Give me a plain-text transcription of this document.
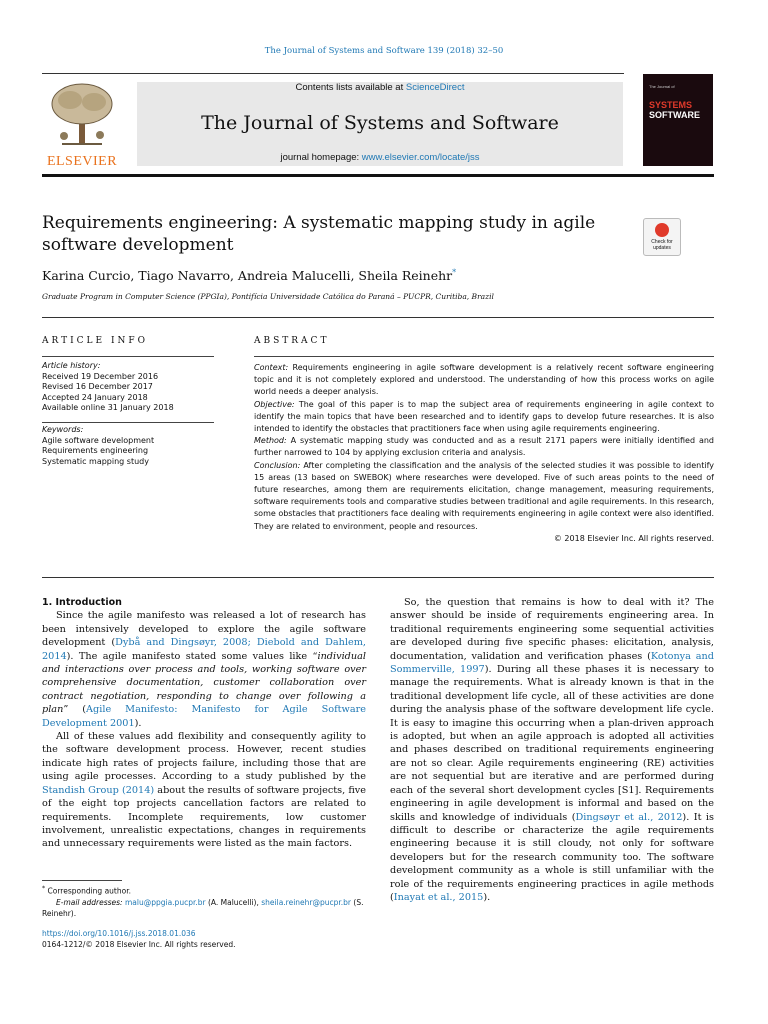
The Journal of Systems and Software 139 (2018) 32–50
ELSEVIER
Contents lists available at ScienceDirect
The Journal of Systems and Software
journal homepage: www.elsevier.com/locate/jss
The Journal of
SYSTEMS
SOFTWARE
Requirements engineering: A systematic mapping study in agile
software development	Check for
updates
Karina Curcio, Tiago Navarro, Andreia Malucelli, Sheila Reinehr*
Graduate Program in Computer Science (PPGIa), Pontifícia Universidade Católica do Paraná – PUCPR, Curitiba, Brazil
ARTICLE INFO	ABSTRACT
Article history:
Received 19 December 2016
Revised 16 December 2017
Accepted 24 January 2018
Available online 31 January 2018
Keywords:
Agile software development
Requirements engineering
Systematic mapping study

Context: Requirements engineering in agile software development is a relatively recent software engineering topic and it is not completely explored and understood. The understanding of how this process works on agile world needs a deeper analysis.

Objective: The goal of this paper is to map the subject area of requirements engineering in agile context to identify the main topics that have been researched and to identify gaps to develop future researches. It is also intended to identify the obstacles that practitioners face when using agile requirements engineering.

Method: A systematic mapping study was conducted and as a result 2171 papers were initially identified and further narrowed to 104 by applying exclusion criteria and analysis.

Conclusion: After completing the classification and the analysis of the selected studies it was possible to identify 15 areas (13 based on SWEBOK) where researches were developed. Five of such areas points to the need of future researches, among them are requirements elicitation, change management, measuring requirements, software requirements tools and comparative studies between traditional and agile requirements. In this research, some obstacles that practitioners face dealing with requirements engineering in agile context were also identified. They are related to environment, people and resources.

© 2018 Elsevier Inc. All rights reserved.

1. Introduction

Since the agile manifesto was released a lot of research has been intensively developed to explore the agile software development (Dybå and Dingsøyr, 2008; Diebold and Dahlem, 2014). The agile manifesto stated some values like “individual and interactions over process and tools, working software over comprehensive documentation, customer collaboration over contract negotiation, responding to change over following a plan” (Agile Manifesto: Manifesto for Agile Software Development 2001).

All of these values add flexibility and consequently agility to the software development process. However, recent studies indicate high rates of projects failure, including those that are using agile processes. According to a study published by the Standish Group (2014) about the results of software projects, five of the eight top projects cancellation factors are related to requirements. Incomplete requirements, low customer involvement, unrealistic expectations, changes in requirements and unnecessary requirements were listed as the main factors.

So, the question that remains is how to deal with it? The answer should be inside of requirements engineering area. In traditional requirements engineering some sequential activities are developed during five specific phases: elicitation, analysis, documentation, validation and verification phases (Kotonya and Sommerville, 1997). During all these phases it is necessary to manage the requirements. What is already known is that in the traditional development life cycle, all of these activities are done during the analysis phase of the software development life cycle. It is easy to imagine this occurring when a plan-driven approach is adopted, but when an agile approach is adopted all activities and phases described on traditional requirements engineering are not so clear. Agile requirements engineering (RE) activities are not sequential but are iterative and are performed during each of the several short development cycles [S1]. Requirements engineering in agile development is informal and based on the skills and knowledge of individuals (Dingsøyr et al., 2012). It is difficult to describe or characterize the agile requirements engineering because it is still cloudy, not only for software developers but for the research community too. The software development community as a whole is still unfamiliar with the role of the requirements engineering practices in agile methods (Inayat et al., 2015).

* Corresponding author.

E-mail addresses: malu@ppgia.pucpr.br (A. Malucelli), sheila.reinehr@pucpr.br (S. Reinehr).

https://doi.org/10.1016/j.jss.2018.01.036
0164-1212/© 2018 Elsevier Inc. All rights reserved.
